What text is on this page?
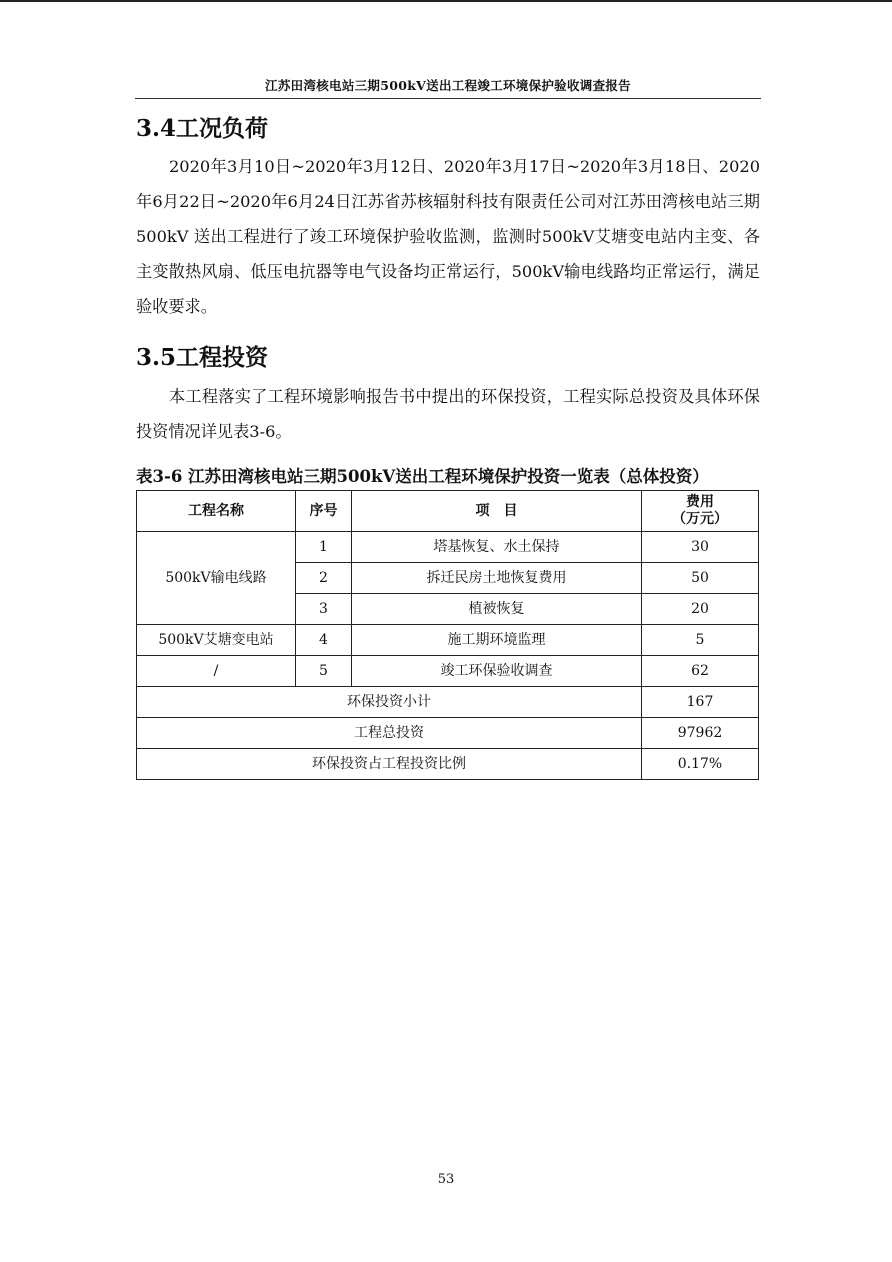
江苏田湾核电站三期500kV送出工程竣工环境保护验收调查报告
3.4工况负荷

2020年3月10日~2020年3月12日、2020年3月17日~2020年3月18日、2020年6月22日~2020年6月24日江苏省苏核辐射科技有限责任公司对江苏田湾核电站三期 500kV 送出工程进行了竣工环境保护验收监测，监测时500kV艾塘变电站内主变、各主变散热风扇、低压电抗器等电气设备均正常运行，500kV输电线路均正常运行，满足验收要求。

3.5工程投资

本工程落实了工程环境影响报告书中提出的环保投资，工程实际总投资及具体环保投资情况详见表3-6。

表3-6 江苏田湾核电站三期500kV送出工程环境保护投资一览表（总体投资）
工程名称	序号	项　目	费用
（万元）

500kV输电线路	1	塔基恢复、水土保持	30
	2	拆迁民房土地恢复费用	50
	3	植被恢复	20
500kV艾塘变电站	4	施工期环境监理	5
/	5	竣工环保验收调查	62
环保投资小计			167
工程总投资			97962
环保投资占工程投资比例			0.17%
53
